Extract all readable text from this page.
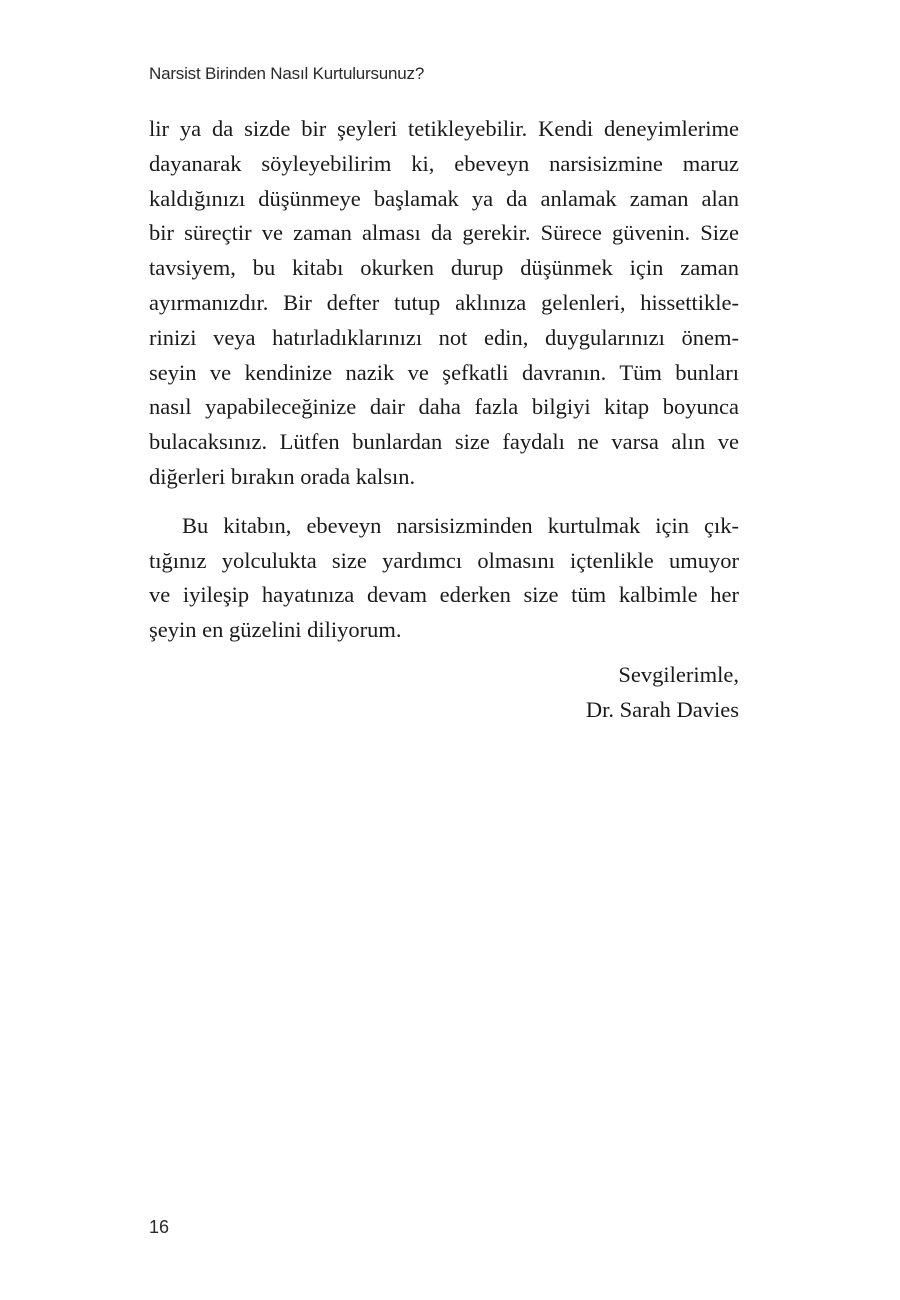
Narsist Birinden Nasıl Kurtulursunuz?
lir ya da sizde bir şeyleri tetikleyebilir. Kendi deneyimlerime
dayanarak söyleyebilirim ki, ebeveyn narsisizmine maruz
kaldığınızı düşünmeye başlamak ya da anlamak zaman alan
bir süreçtir ve zaman alması da gerekir. Sürece güvenin. Size
tavsiyem, bu kitabı okurken durup düşünmek için zaman
ayırmanızdır. Bir defter tutup aklınıza gelenleri, hissettikle-
rinizi veya hatırladıklarınızı not edin, duygularınızı önem-
seyin ve kendinize nazik ve şefkatli davranın. Tüm bunları
nasıl yapabileceğinize dair daha fazla bilgiyi kitap boyunca
bulacaksınız. Lütfen bunlardan size faydalı ne varsa alın ve
diğerleri bırakın orada kalsın.
Bu kitabın, ebeveyn narsisizminden kurtulmak için çık-
tığınız yolculukta size yardımcı olmasını içtenlikle umuyor
ve iyileşip hayatınıza devam ederken size tüm kalbimle her
şeyin en güzelini diliyorum.
Sevgilerimle,
Dr. Sarah Davies
16
